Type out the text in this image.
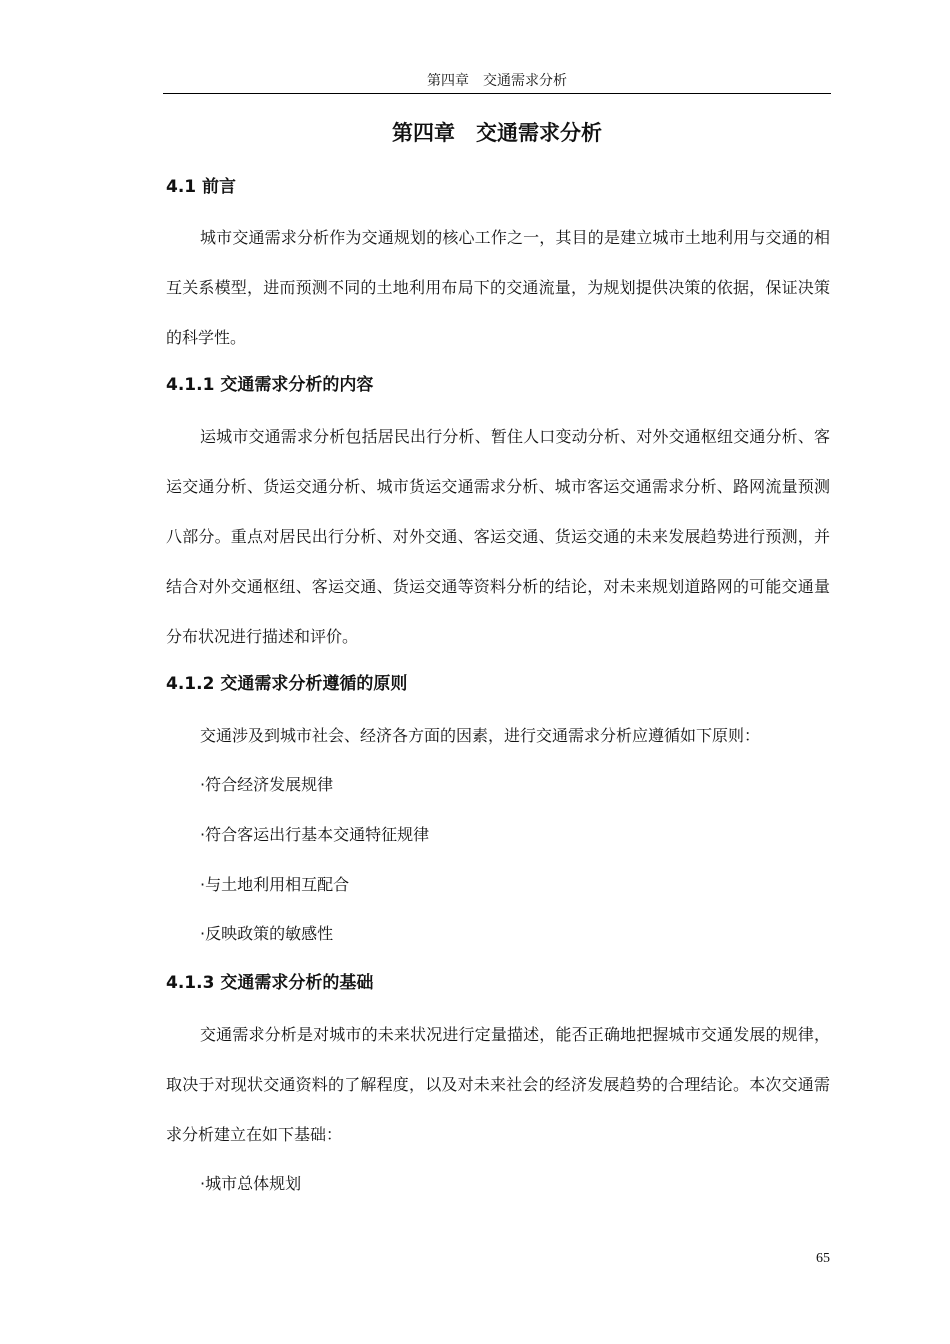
第四章　交通需求分析
第四章　交通需求分析
4.1 前言

城市交通需求分析作为交通规划的核心工作之一，其目的是建立城市土地利用与交通的相互关系模型，进而预测不同的土地利用布局下的交通流量，为规划提供决策的依据，保证决策的科学性。

4.1.1 交通需求分析的内容

运城市交通需求分析包括居民出行分析、暂住人口变动分析、对外交通枢纽交通分析、客运交通分析、货运交通分析、城市货运交通需求分析、城市客运交通需求分析、路网流量预测八部分。重点对居民出行分析、对外交通、客运交通、货运交通的未来发展趋势进行预测，并结合对外交通枢纽、客运交通、货运交通等资料分析的结论，对未来规划道路网的可能交通量分布状况进行描述和评价。

4.1.2 交通需求分析遵循的原则

交通涉及到城市社会、经济各方面的因素，进行交通需求分析应遵循如下原则：

·符合经济发展规律

·符合客运出行基本交通特征规律

·与土地利用相互配合

·反映政策的敏感性

4.1.3 交通需求分析的基础

交通需求分析是对城市的未来状况进行定量描述，能否正确地把握城市交通发展的规律，取决于对现状交通资料的了解程度，以及对未来社会的经济发展趋势的合理结论。本次交通需求分析建立在如下基础：

·城市总体规划

65
